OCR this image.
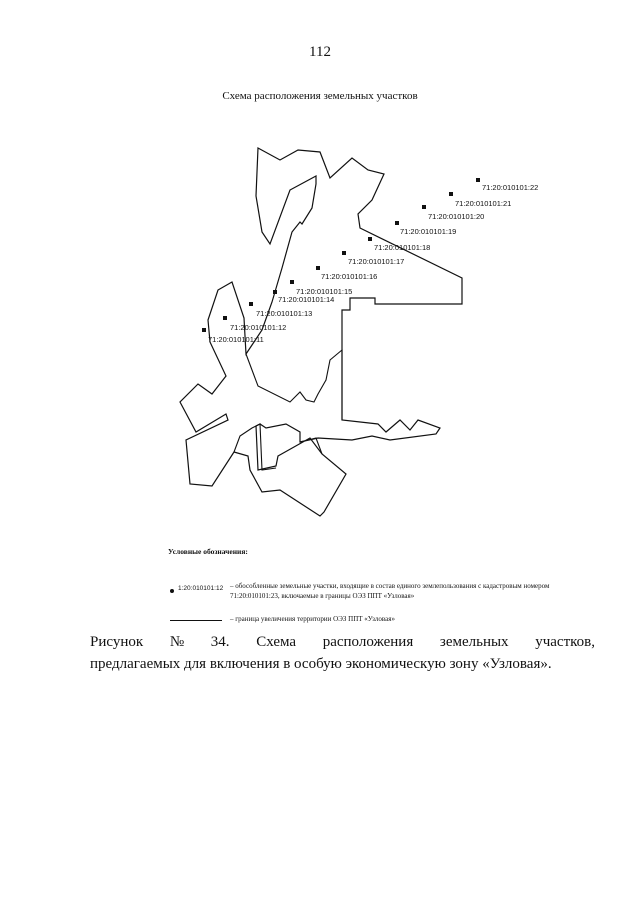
112
Схема расположения земельных участков
71:20:010101:22
71:20:010101:21
71:20:010101:20
71:20:010101:19
71:20:010101:18
71:20:010101:17
71:20:010101:16
71:20:010101:15
71:20:010101:14
71:20:010101:13
71:20:010101:12
71:20:010101:11
Условные обозначения:
1:20:010101:12 – обособленные земельные участки, входящие в состав единого землепользования с кадастровым номером 71:20:010101:23, включаемые в границы ОЭЗ ППТ «Узловая»
– граница увеличения территории ОЭЗ ППТ «Узловая»
Рисунок № 34. Схема расположения земельных участков,
предлагаемых для включения в особую экономическую зону «Узловая».
